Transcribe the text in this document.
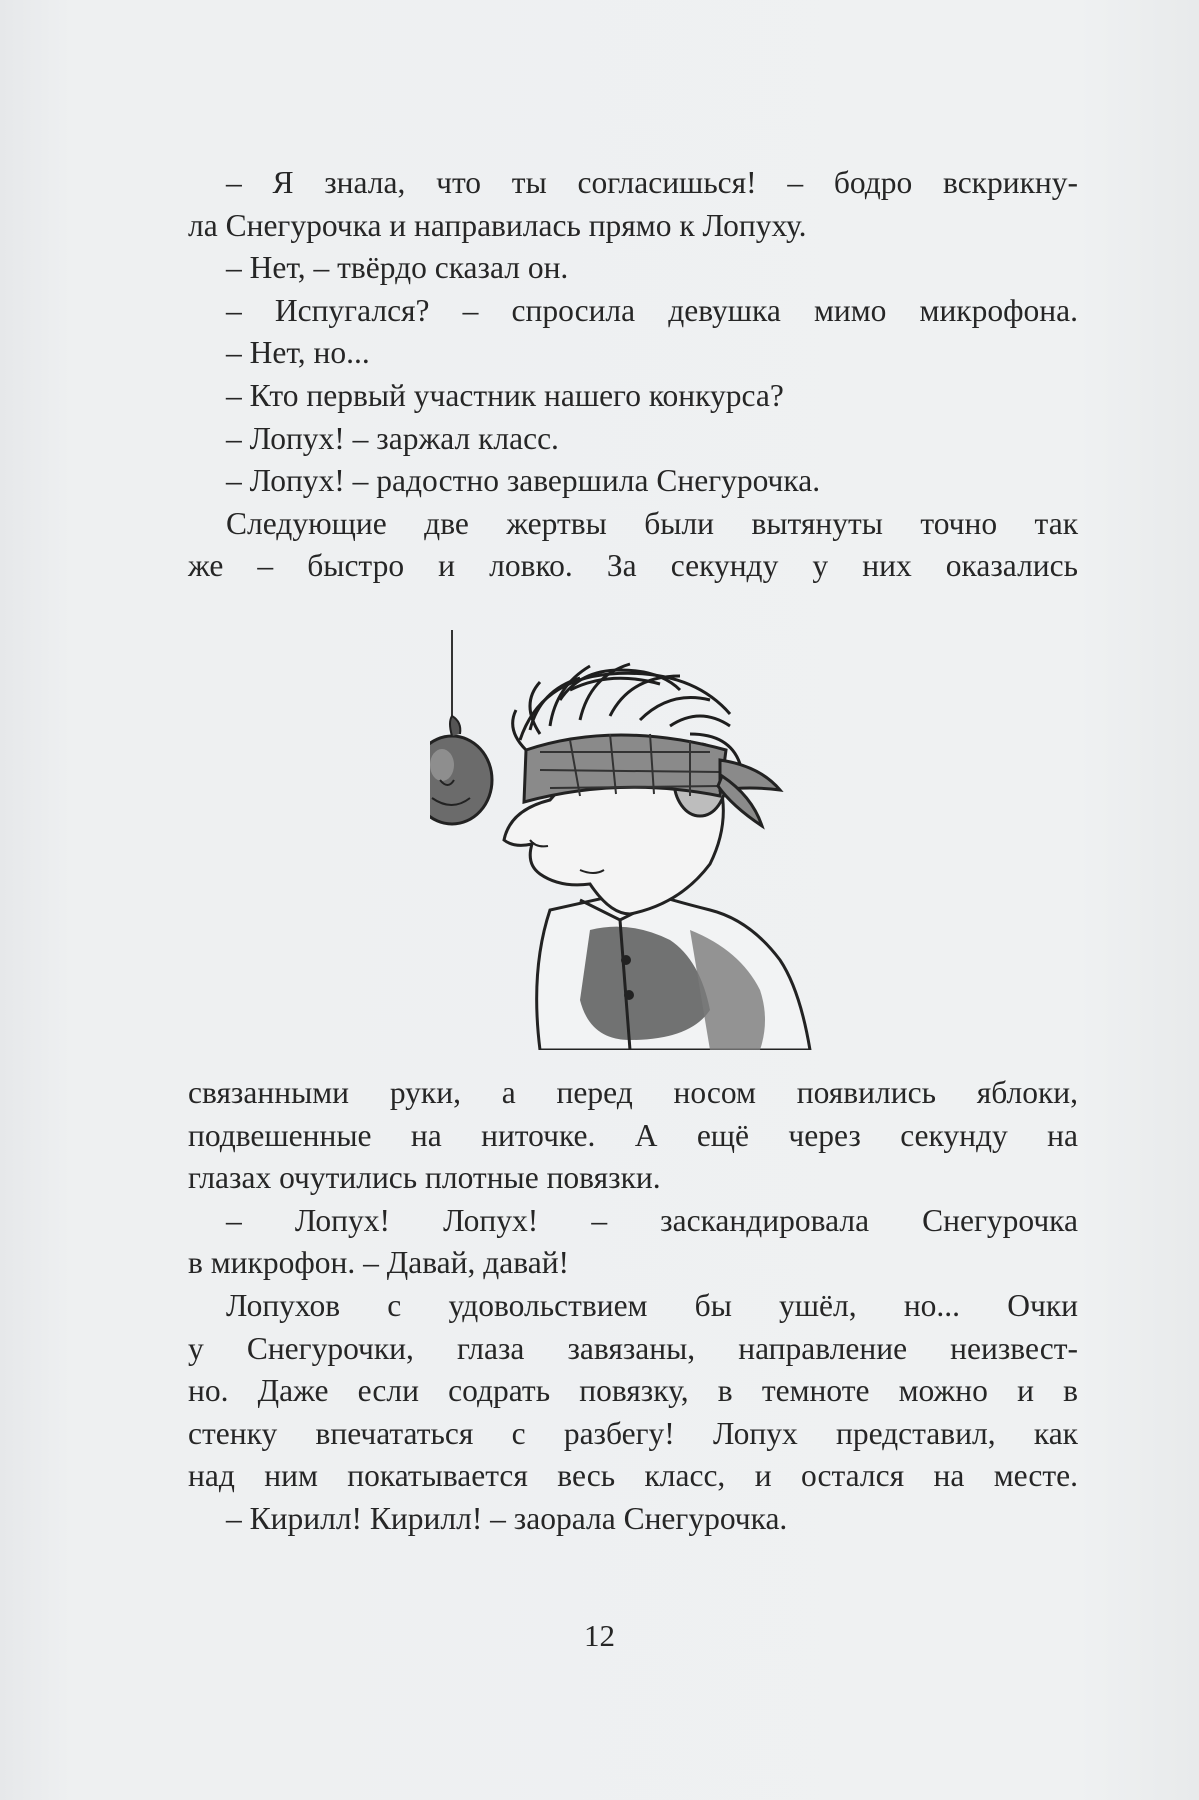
– Я знала, что ты согласишься! – бодро вскрикну-
ла Снегурочка и направилась прямо к Лопуху.
– Нет, – твёрдо сказал он.
– Испугался? – спросила девушка мимо микрофона.
– Нет, но...
– Кто первый участник нашего конкурса?
– Лопух! – заржал класс.
– Лопух! – радостно завершила Снегурочка.
Следующие две жертвы были вытянуты точно так
же – быстро и ловко. За секунду у них оказались
связанными руки, а перед носом появились яблоки,
подвешенные на ниточке. А ещё через секунду на
глазах очутились плотные повязки.
– Лопух! Лопух! – заскандировала Снегурочка
в микрофон. – Давай, давай!
Лопухов с удовольствием бы ушёл, но... Очки
у Снегурочки, глаза завязаны, направление неизвест-
но. Даже если содрать повязку, в темноте можно и в
стенку впечататься с разбегу! Лопух представил, как
над ним покатывается весь класс, и остался на месте.
– Кирилл! Кирилл! – заорала Снегурочка.
12
